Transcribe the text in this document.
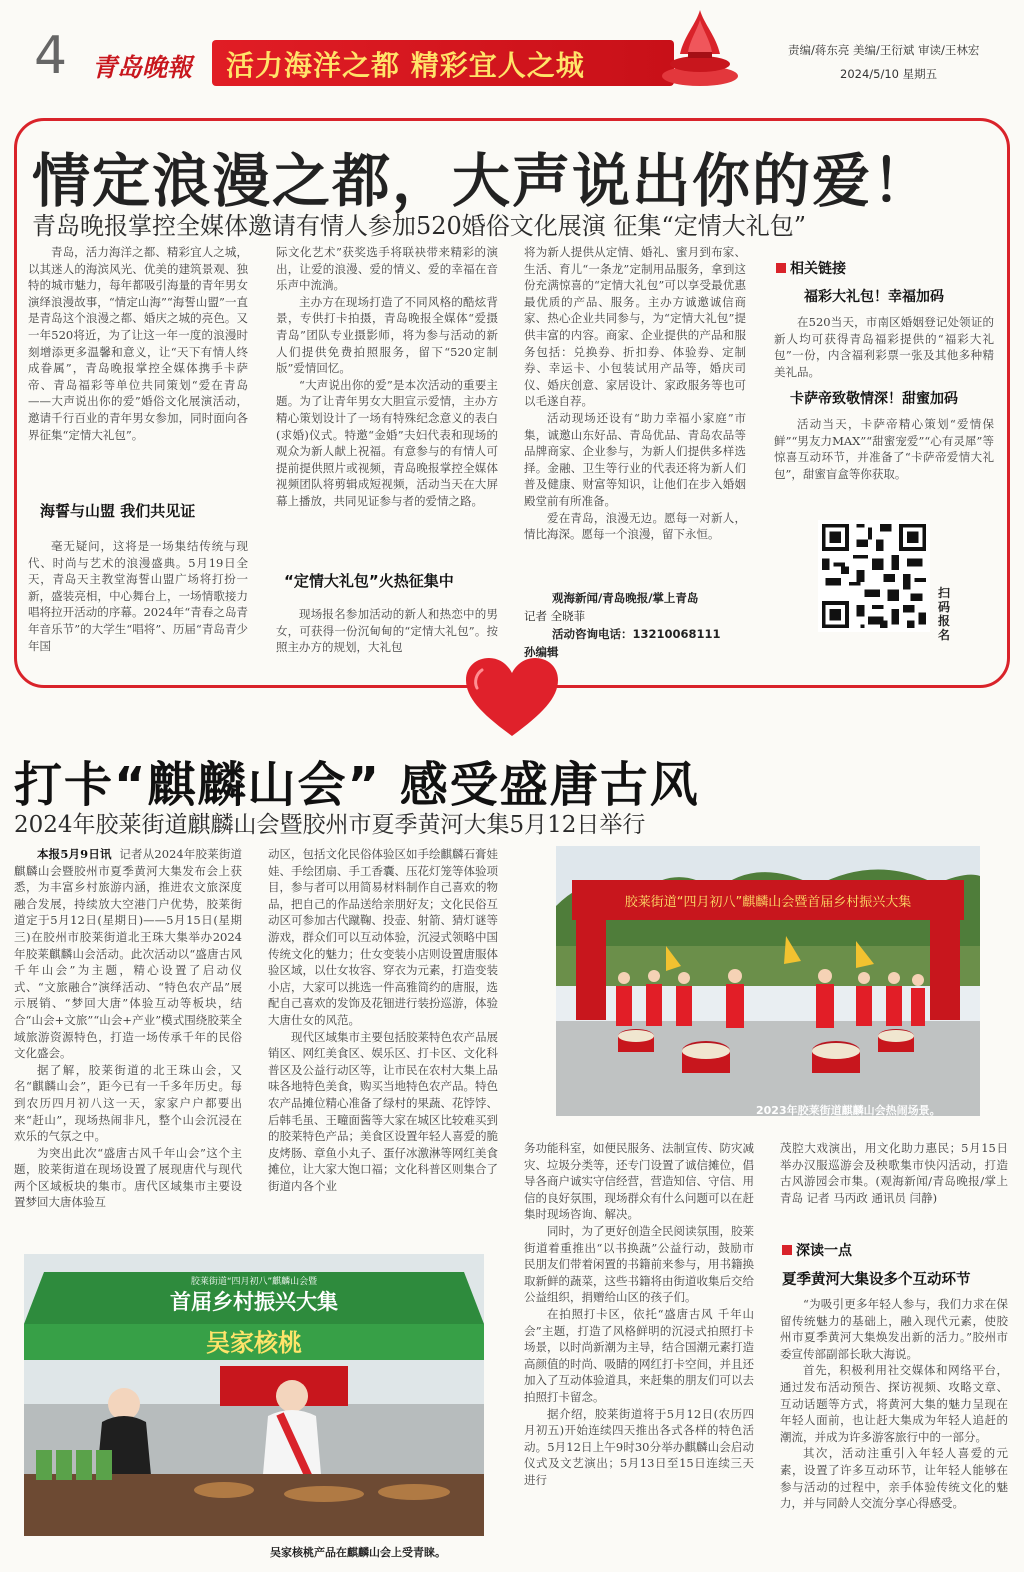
4 青岛晚報 活力海洋之都 精彩宜人之城	责编/蒋东亮 美编/王衍斌 审读/王林宏
2024/5/10 星期五
情定浪漫之都，大声说出你的爱！
青岛晚报掌控全媒体邀请有情人参加520婚俗文化展演 征集“定情大礼包”

青岛，活力海洋之都、精彩宜人之城，以其迷人的海滨风光、优美的建筑景观、独特的城市魅力，每年都吸引海量的青年男女演绎浪漫故事，“情定山海”“海誓山盟”一直是青岛这个浪漫之都、婚庆之城的亮色。又一年520将近，为了让这一年一度的浪漫时刻增添更多温馨和意义，让“天下有情人终成眷属”，青岛晚报掌控全媒体携手卡萨帝、青岛福彩等单位共同策划“爱在青岛——大声说出你的爱”婚俗文化展演活动，邀请千行百业的青年男女参加，同时面向各界征集“定情大礼包”。

海誓与山盟 我们共见证

毫无疑问，这将是一场集结传统与现代、时尚与艺术的浪漫盛典。5月19日全天，青岛天主教堂海誓山盟广场将打扮一新，盛装亮相，中心舞台上，一场情歌接力唱将拉开活动的序幕。2024年“青春之岛青年音乐节”的大学生“唱将”、历届“青岛青少年国

际文化艺术”获奖选手将联袂带来精彩的演出，让爱的浪漫、爱的情义、爱的幸福在音乐声中流淌。

主办方在现场打造了不同风格的酷炫背景，专供打卡拍摄，青岛晚报全媒体“爱摄青岛”团队专业摄影师，将为参与活动的新人们提供免费拍照服务，留下“520定制版”爱情回忆。

“大声说出你的爱”是本次活动的重要主题。为了让青年男女大胆宣示爱情，主办方精心策划设计了一场有特殊纪念意义的表白(求婚)仪式。特邀“金婚”夫妇代表和现场的观众为新人献上祝福。有意参与的有情人可提前提供照片或视频，青岛晚报掌控全媒体视频团队将剪辑成短视频，活动当天在大屏幕上播放，共同见证参与者的爱情之路。

“定情大礼包”火热征集中

现场报名参加活动的新人和热恋中的男女，可获得一份沉甸甸的“定情大礼包”。按照主办方的规划，大礼包

将为新人提供从定情、婚礼、蜜月到布家、生活、育儿“一条龙”定制用品服务，拿到这份充满惊喜的“定情大礼包”可以享受最优惠最优质的产品、服务。主办方诚邀诚信商家、热心企业共同参与，为“定情大礼包”提供丰富的内容。商家、企业提供的产品和服务包括：兑换券、折扣券、体验券、定制券、幸运卡、小包装试用产品等，婚庆司仪、婚庆创意、家居设计、家政服务等也可以毛遂自荐。

活动现场还设有“助力幸福小家庭”市集，诚邀山东好品、青岛优品、青岛农品等品牌商家、企业参与，为新人们提供多样选择。金融、卫生等行业的代表还将为新人们普及健康、财富等知识，让他们在步入婚姻殿堂前有所准备。

爱在青岛，浪漫无边。愿每一对新人，情比海深。愿每一个浪漫，留下永恒。

观海新闻/青岛晚报/掌上青岛
记者 全晓菲
活动咨询电话：13210068111
孙编辑
相关链接
福彩大礼包！幸福加码

在520当天，市南区婚姻登记处领证的新人均可获得青岛福彩提供的“福彩大礼包”一份，内含福利彩票一张及其他多种精美礼品。

卡萨帝致敬情深！甜蜜加码

活动当天，卡萨帝精心策划“爱情保鲜”“男友力MAX”“甜蜜宠爱”“心有灵犀”等惊喜互动环节，并准备了“卡萨帝爱情大礼包”，甜蜜盲盒等你获取。

扫码报名
打卡“麒麟山会” 感受盛唐古风
2024年胶莱街道麒麟山会暨胶州市夏季黄河大集5月12日举行

本报5月9日讯 记者从2024年胶莱街道麒麟山会暨胶州市夏季黄河大集发布会上获悉，为丰富乡村旅游内涵，推进农文旅深度融合发展，持续放大空港门户优势，胶莱街道定于5月12日(星期日)——5月15日(星期三)在胶州市胶莱街道北王珠大集举办2024年胶莱麒麟山会活动。此次活动以“盛唐古风 千年山会”为主题，精心设置了启动仪式、“文旅融合”演绎活动、“特色农产品”展示展销、“梦回大唐”体验互动等板块，结合“山会+文旅”“山会+产业”模式围绕胶莱全域旅游资源特色，打造一场传承千年的民俗文化盛会。

据了解，胶莱街道的北王珠山会，又名“麒麟山会”，距今已有一千多年历史。每到农历四月初八这一天，家家户户都要出来“赶山”，现场热闹非凡，整个山会沉浸在欢乐的气氛之中。

为突出此次“盛唐古风千年山会”这个主题，胶莱街道在现场设置了展现唐代与现代两个区域板块的集市。唐代区域集市主要设置梦回大唐体验互

动区，包括文化民俗体验区如手绘麒麟石膏娃娃、手绘团扇、手工香囊、压花灯笼等体验项目，参与者可以用简易材料制作自己喜欢的物品，把自己的作品送给亲朋好友；文化民俗互动区可参加古代蹴鞠、投壶、射箭、猜灯谜等游戏，群众们可以互动体验，沉浸式领略中国传统文化的魅力；仕女变装小店则设置唐服体验区域，以仕女妆容、穿衣为元素，打造变装小店，大家可以挑选一件高雅简约的唐服，选配自己喜欢的发饰及花钿进行装扮巡游，体验大唐仕女的风范。

现代区域集市主要包括胶莱特色农产品展销区、网红美食区、娱乐区、打卡区、文化科普区及公益行动区等，让市民在农村大集上品味各地特色美食，购买当地特色农产品。特色农产品摊位精心准备了绿村的果蔬、花饽饽、后韩毛虽、王疃面酱等大家在城区比较难买到的胶莱特色产品；美食区设置年轻人喜爱的脆皮烤肠、章鱼小丸子、蛋仔冰激淋等网红美食摊位，让大家大饱口福；文化科普区则集合了街道内各个业

胶莱街道“四月初八”麒麟山会暨首届乡村振兴大集
2023年胶莱街道麒麟山会热闹场景。

务功能科室，如便民服务、法制宣传、防灾减灾、垃圾分类等，还专门设置了诚信摊位，倡导各商户诚实守信经营，营造知信、守信、用信的良好氛围，现场群众有什么问题可以在赶集时现场咨询、解决。

同时，为了更好创造全民阅读氛围，胶莱街道着重推出“以书换蔬”公益行动，鼓励市民朋友们带着闲置的书籍前来参与，用书籍换取新鲜的蔬菜，这些书籍将由街道收集后交给公益组织，捐赠给山区的孩子们。

在拍照打卡区，依托“盛唐古风 千年山会”主题，打造了风格鲜明的沉浸式拍照打卡场景，以时尚新潮为主导，结合国潮元素打造高颜值的时尚、吸睛的网红打卡空间，并且还加入了互动体验道具，来赶集的朋友们可以去拍照打卡留念。

据介绍，胶莱街道将于5月12日(农历四月初五)开始连续四天推出各式各样的特色活动。5月12日上午9时30分举办麒麟山会启动仪式及文艺演出；5月13日至15日连续三天进行

茂腔大戏演出，用文化助力惠民；5月15日举办汉服巡游会及秧歌集市快闪活动，打造古风游园会市集。(观海新闻/青岛晚报/掌上青岛 记者 马丙政 通讯员 闫静)

深读一点
夏季黄河大集设多个互动环节

“为吸引更多年轻人参与，我们力求在保留传统魅力的基础上，融入现代元素，使胶州市夏季黄河大集焕发出新的活力。”胶州市委宣传部副部长耿大海说。

首先，积极利用社交媒体和网络平台，通过发布活动预告、探访视频、攻略文章、互动话题等方式，将黄河大集的魅力呈现在年轻人面前，也让赶大集成为年轻人追赶的潮流，并成为许多游客旅行中的一部分。

其次，活动注重引入年轻人喜爱的元素，设置了许多互动环节，让年轻人能够在参与活动的过程中，亲手体验传统文化的魅力，并与同龄人交流分享心得感受。

胶莱街道“四月初八”麒麟山会暨
首届乡村振兴大集
吴家核桃
吴家核桃产品在麒麟山会上受青睐。
